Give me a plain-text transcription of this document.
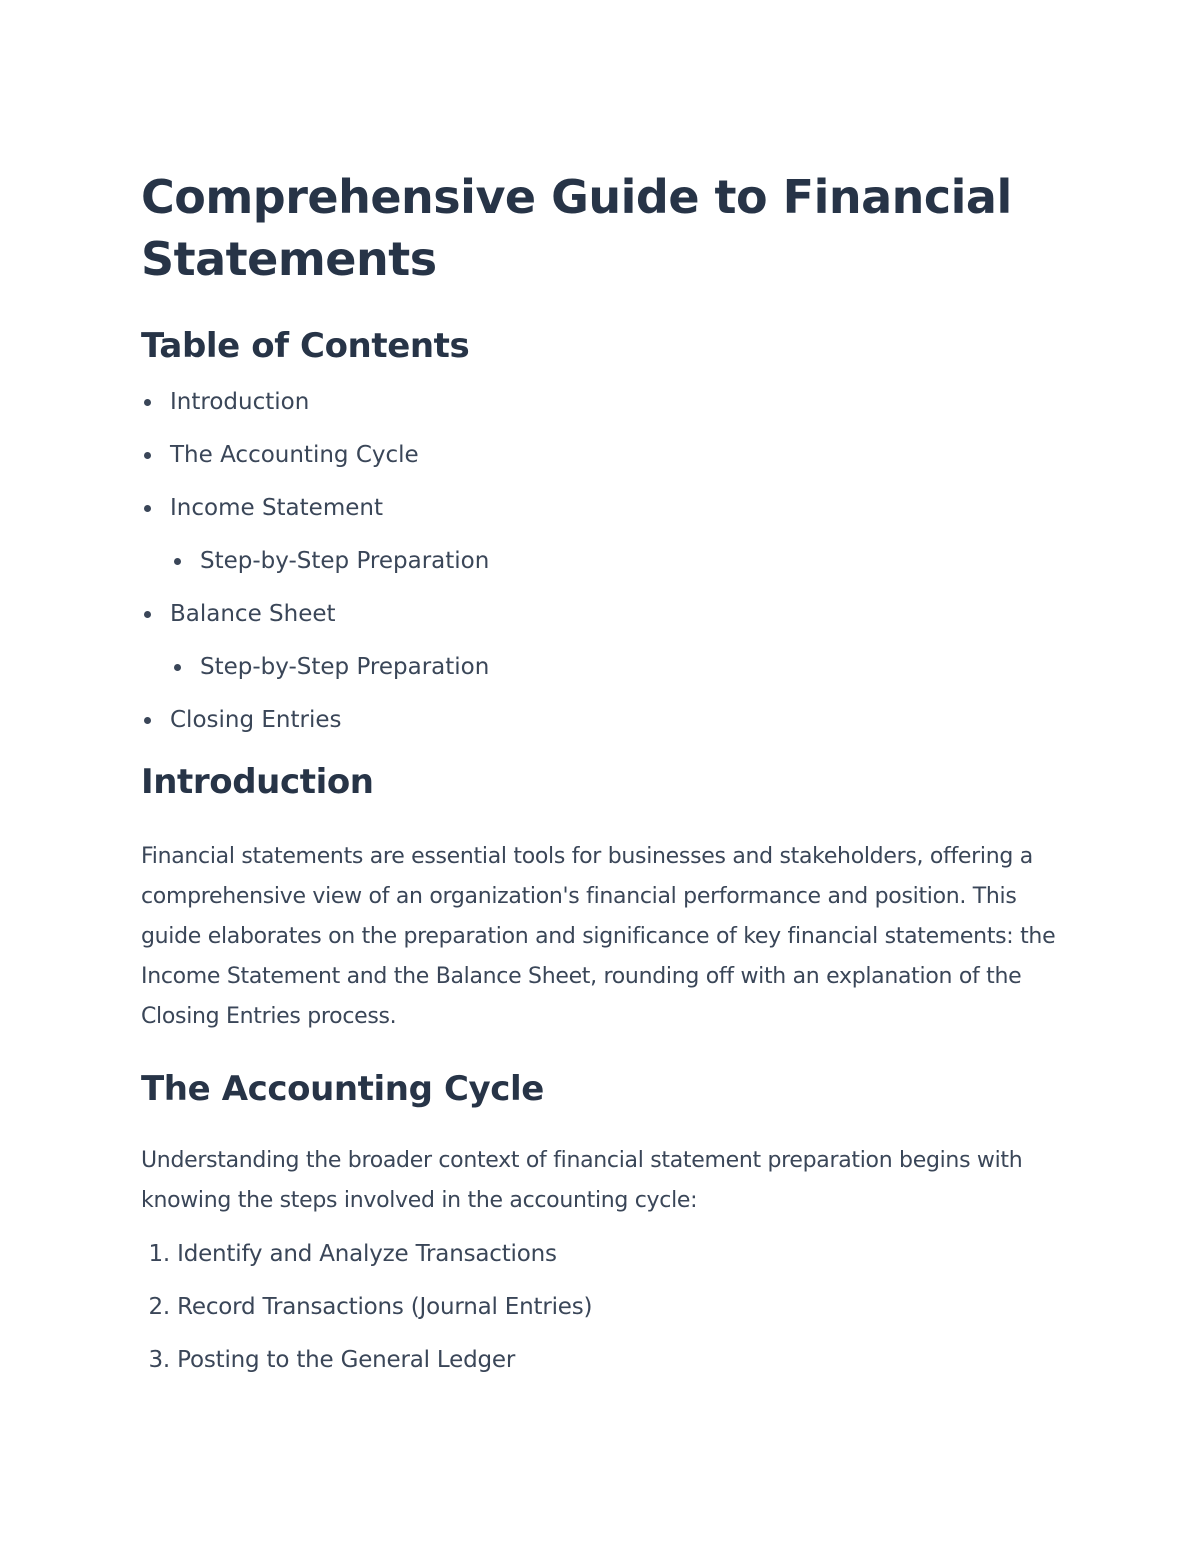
Comprehensive Guide to Financial Statements
Table of Contents
Introduction
The Accounting Cycle
Income Statement
Step-by-Step Preparation
Balance Sheet
Step-by-Step Preparation
Closing Entries
Introduction

Financial statements are essential tools for businesses and stakeholders, offering a comprehensive view of an organization's financial performance and position. This guide elaborates on the preparation and significance of key financial statements: the Income Statement and the Balance Sheet, rounding off with an explanation of the Closing Entries process.

The Accounting Cycle

Understanding the broader context of financial statement preparation begins with knowing the steps involved in the accounting cycle:

1. Identify and Analyze Transactions
2. Record Transactions (Journal Entries)
3. Posting to the General Ledger
